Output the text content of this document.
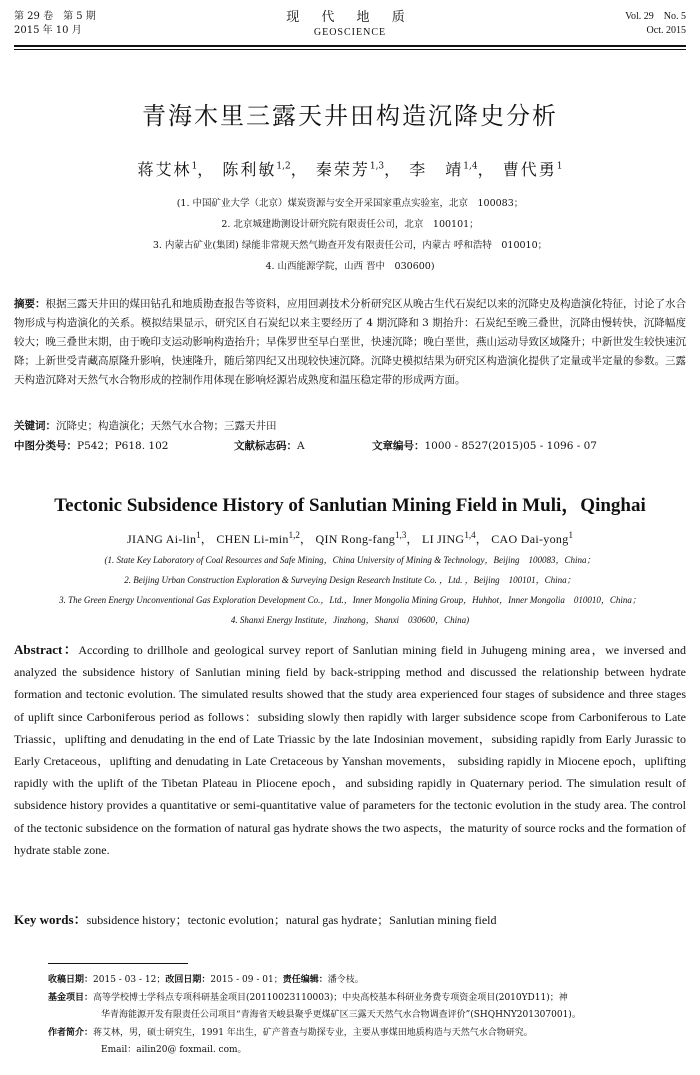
第 29 卷　第 5 期
2015 年 10 月
现 代 地 质
GEOSCIENCE
Vol. 29　No. 5
Oct. 2015
青海木里三露天井田构造沉降史分析
蒋艾林$^1$， 陈利敏$^{1,2}$， 秦荣芳$^{1,3}$， 李　靖$^{1,4}$， 曹代勇$^1$
(1. 中国矿业大学（北京）煤炭资源与安全开采国家重点实验室，北京　100083；
2. 北京城建勘测设计研究院有限责任公司，北京　100101；
3. 内蒙古矿业(集团) 绿能非常规天然气勘查开发有限责任公司，内蒙古 呼和浩特　010010；
4. 山西能源学院，山西 晋中　030600)
摘要：根据三露天井田的煤田钻孔和地质勘查报告等资料，应用回剥技术分析研究区从晚古生代石炭纪以来的沉降史及构造演化特征，讨论了水合物形成与构造演化的关系。模拟结果显示，研究区自石炭纪以来主要经历了 4 期沉降和 3 期抬升：石炭纪至晚三叠世，沉降由慢转快，沉降幅度较大；晚三叠世末期，由于晚印支运动影响构造抬升；早侏罗世至早白垩世，快速沉降；晚白垩世，燕山运动导致区域隆升；中新世发生较快速沉降；上新世受青藏高原隆升影响，快速隆升，随后第四纪又出现较快速沉降。沉降史模拟结果为研究区构造演化提供了定量或半定量的参数。三露天构造沉降对天然气水合物形成的控制作用体现在影响烃源岩成熟度和温压稳定带的形成两方面。
关键词：沉降史；构造演化；天然气水合物；三露天井田
中图分类号：P542；P618. 102	文献标志码：A	文章编号：1000 - 8527(2015)05 - 1096 - 07
Tectonic Subsidence History of Sanlutian Mining Field in Muli，Qinghai
JIANG Ai-lin$^1$， CHEN $Li-\min^{1,2}$， QIN Rong-fang$^{1,3}$， LI JING$^{1,4}$， CAO Dai-yong$^1$
(1. State Key Laboratory of Coal Resources and Safe Mining，China University of Mining & Technology，Beijing　100083，China；
2. Beijing Urban Construction Exploration & Surveying Design Research Institute Co. ，Ltd. ，Beijing　100101，China；
3. The Green Energy Unconventional Gas Exploration Development Co.，Ltd.，Inner Mongolia Mining Group，Huhhot，Inner Mongolia　010010，China；
4. Shanxi Energy Institute，Jinzhong，Shanxi　030600，China)
Abstract：According to drillhole and geological survey report of Sanlutian mining field in Juhugeng mining area，we inversed and analyzed the subsidence history of Sanlutian mining field by back-stripping method and discussed the relationship between hydrate formation and tectonic evolution. The simulated results showed that the study area experienced four stages of subsidence and three stages of uplift since Carboniferous period as follows：subsiding slowly then rapidly with larger subsidence scope from Carboniferous to Late Triassic，uplifting and denudating in the end of Late Triassic by the late Indosinian movement，subsiding rapidly from Early Jurassic to Early Cretaceous，uplifting and denudating in Late Cretaceous by Yanshan movements， subsiding rapidly in Miocene epoch，uplifting rapidly with the uplift of the Tibetan Plateau in Pliocene epoch，and subsiding rapidly in Quaternary period. The simulation result of subsidence history provides a quantitative or semi-quantitative value of parameters for the tectonic evolution in the study area. The control of the tectonic subsidence on the formation of natural gas hydrate shows the two aspects，the maturity of source rocks and the formation of hydrate stable zone.
Key words：subsidence history；tectonic evolution；natural gas hydrate；Sanlutian mining field
收稿日期：2015 - 03 - 12；改回日期：2015 - 09 - 01；责任编辑：潘令枝。
基金项目： 高等学校博士学科点专项科研基金项目(20110023110003)；中央高校基本科研业务费专项资金项目(2010YD11)；神
华青海能源开发有限责任公司项目“青海省天峻县聚乎更煤矿区三露天天然气水合物调查评价”(SHQHNY201307001)。
作者简介： 蒋艾林，男，硕士研究生，1991 年出生，矿产普查与勘探专业，主要从事煤田地质构造与天然气水合物研究。
Email：ailin20@ foxmail. com。
